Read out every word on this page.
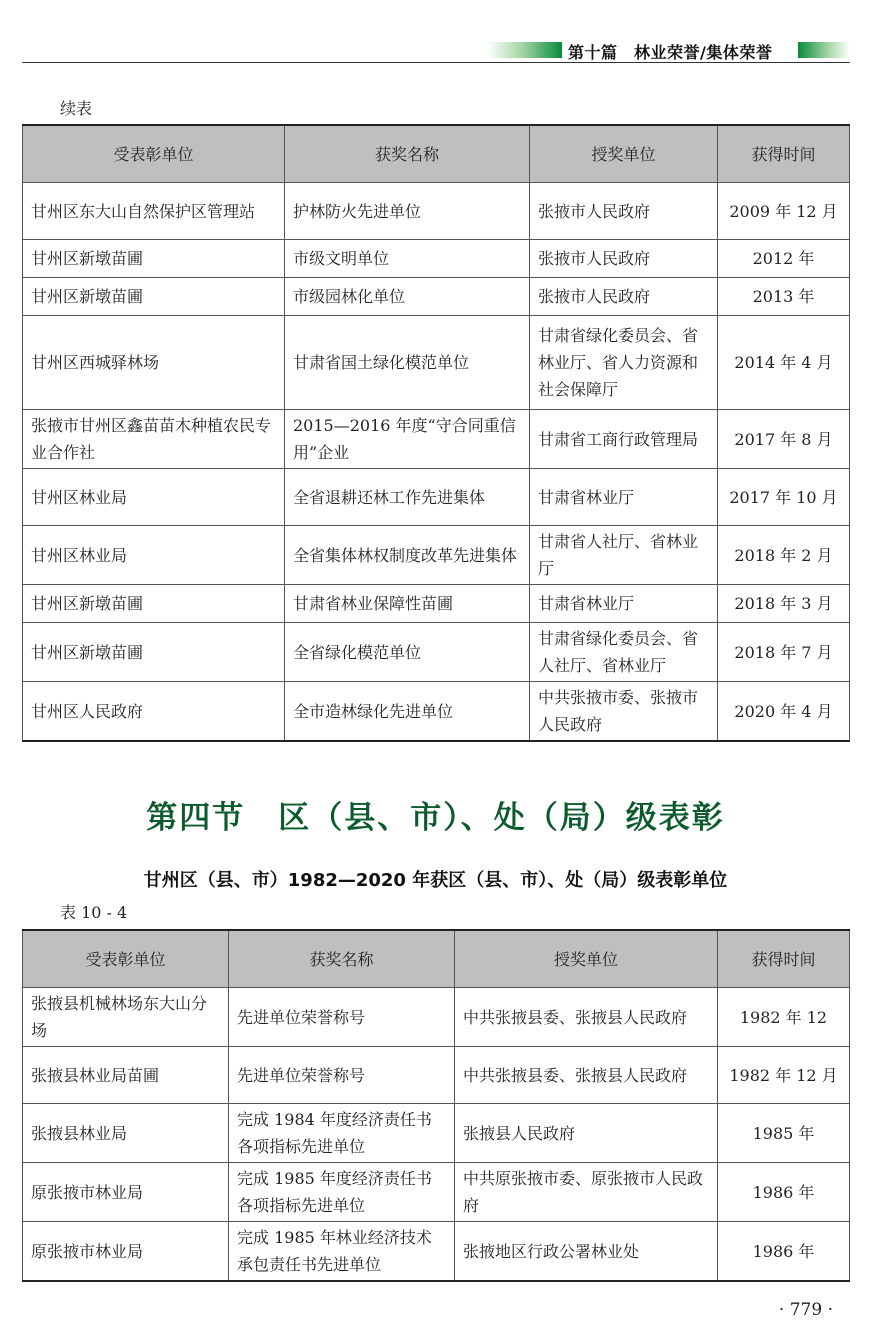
第十篇　林业荣誉/集体荣誉
续表
受表彰单位	获奖名称	授奖单位	获得时间
甘州区东大山自然保护区管理站	护林防火先进单位	张掖市人民政府	2009 年 12 月
甘州区新墩苗圃	市级文明单位	张掖市人民政府	2012 年
甘州区新墩苗圃	市级园林化单位	张掖市人民政府	2013 年
甘州区西城驿林场	甘肃省国土绿化模范单位	甘肃省绿化委员会、省林业厅、省人力资源和社会保障厅	2014 年 4 月
张掖市甘州区鑫苗苗木种植农民专业合作社	2015—2016 年度“守合同重信用”企业	甘肃省工商行政管理局	2017 年 8 月
甘州区林业局	全省退耕还林工作先进集体	甘肃省林业厅	2017 年 10 月
甘州区林业局	全省集体林权制度改革先进集体	甘肃省人社厅、省林业厅	2018 年 2 月
甘州区新墩苗圃	甘肃省林业保障性苗圃	甘肃省林业厅	2018 年 3 月
甘州区新墩苗圃	全省绿化模范单位	甘肃省绿化委员会、省人社厅、省林业厅	2018 年 7 月
甘州区人民政府	全市造林绿化先进单位	中共张掖市委、张掖市人民政府	2020 年 4 月
第四节　区（县、市）、处（局）级表彰
甘州区（县、市）1982—2020 年获区（县、市）、处（局）级表彰单位
表 10 - 4
受表彰单位	获奖名称	授奖单位	获得时间
张掖县机械林场东大山分场	先进单位荣誉称号	中共张掖县委、张掖县人民政府	1982 年 12
张掖县林业局苗圃	先进单位荣誉称号	中共张掖县委、张掖县人民政府	1982 年 12 月
张掖县林业局	完成 1984 年度经济责任书各项指标先进单位	张掖县人民政府	1985 年
原张掖市林业局	完成 1985 年度经济责任书各项指标先进单位	中共原张掖市委、原张掖市人民政府	1986 年
原张掖市林业局	完成 1985 年林业经济技术承包责任书先进单位	张掖地区行政公署林业处	1986 年
· 779 ·
